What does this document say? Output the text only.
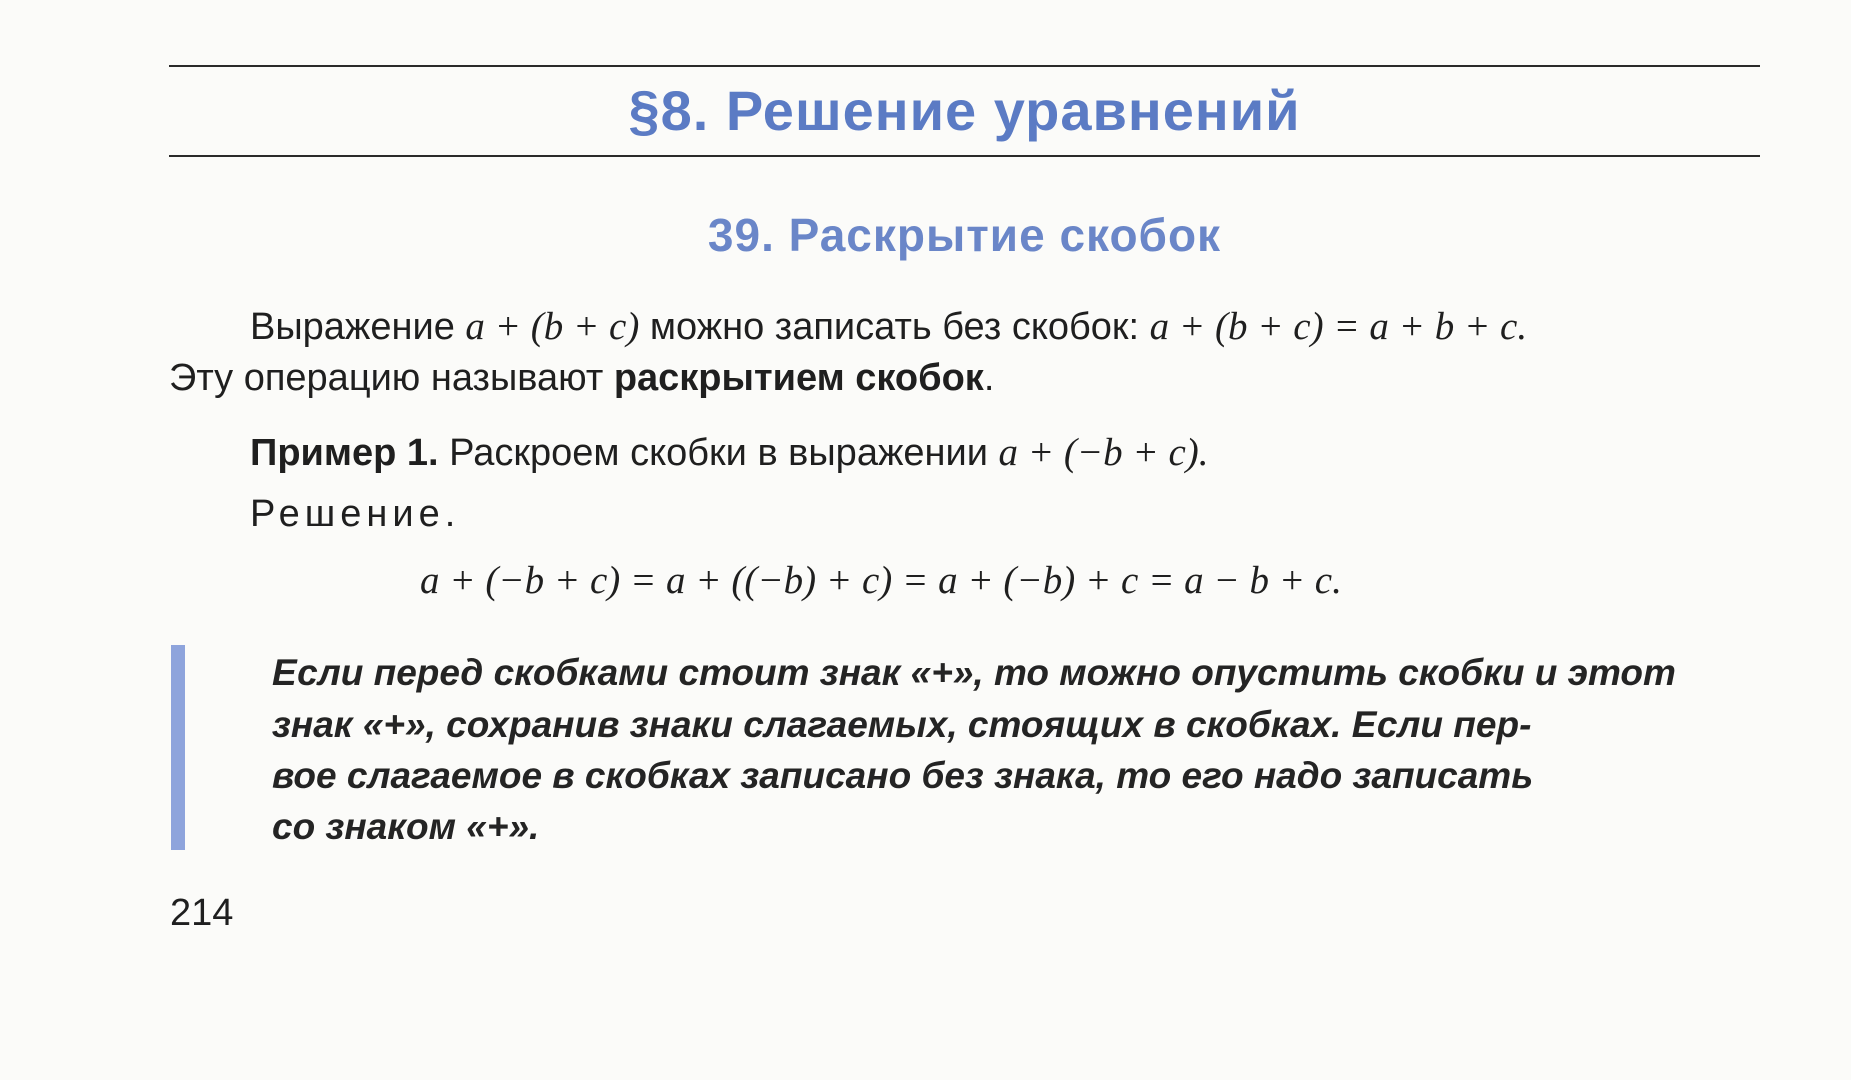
§8. Решение уравнений
39. Раскрытие скобок
Выражение a + (b + c) можно записать без скобок: a + (b + c) = a + b + c.
Эту операцию называют раскрытием скобок.
Пример 1. Раскроем скобки в выражении a + (−b + c).
Решение.
a + (−b + c) = a + ((−b) + c) = a + (−b) + c = a − b + c.
Если перед скобками стоит знак «+», то можно опустить скобки и этот
знак «+», сохранив знаки слагаемых, стоящих в скобках. Если пер-
вое слагаемое в скобках записано без знака, то его надо записать
со знаком «+».
214
